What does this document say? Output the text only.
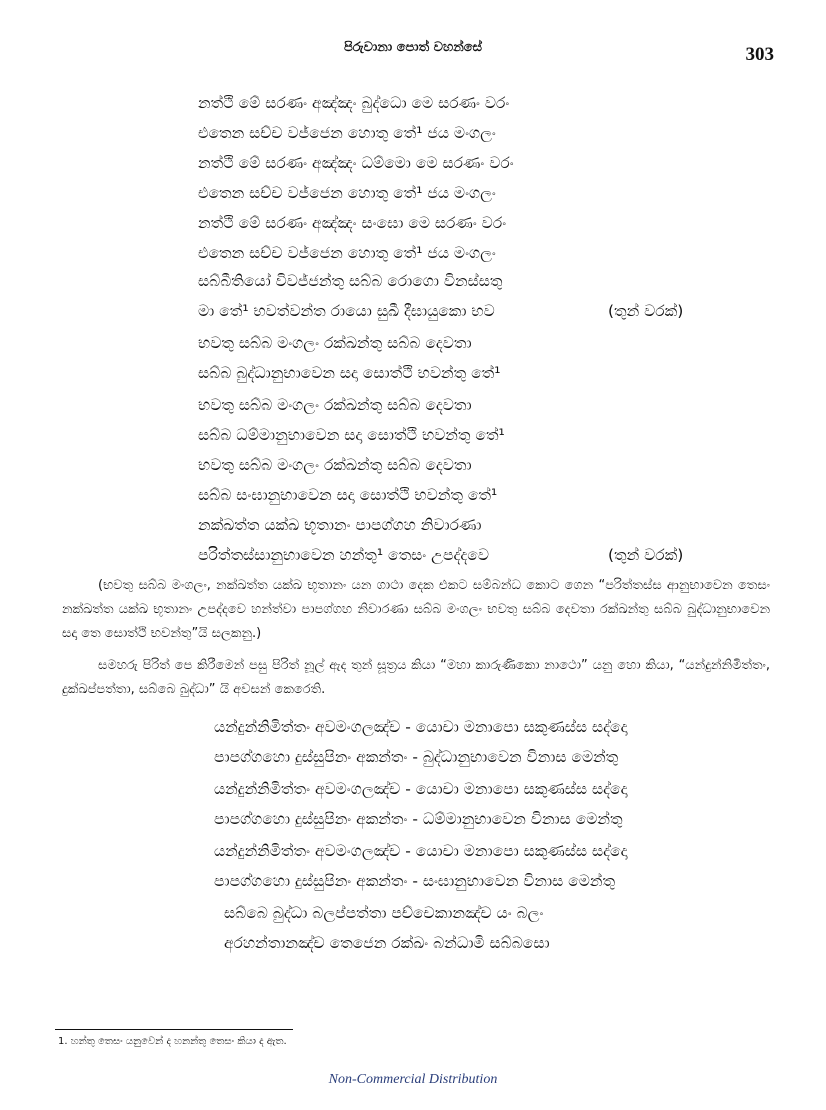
පිරුවානා පොත් වහන්සේ	303
නත්ථි මේ සරණං අඤ්ඤං බුද්ධො මෙ සරණං වරං
එතෙන සච්ච වජ්ජෙන හොතු තේ¹ ජය මංගලං
නත්ථි මේ සරණං අඤ්ඤං ධම්මො මෙ සරණං වරං
එතෙන සච්ච වජ්ජෙන හොතු තේ¹ ජය මංගලං
නත්ථි මේ සරණං අඤ්ඤං සංඝො මෙ සරණං වරං
එතෙන සච්ච වජ්ජෙන හොතු තේ¹ ජය මංගලං
සබ්බීතියෝ විවජ්ජන්තු සබ්බ රොගො විනස්සතු
මා තේ¹ භවත්වන්ත රායො සුඛී දීඝායුකො භව	(තුන් වරක්)
භවතු සබ්බ මංගලං රක්ඛන්තු සබ්බ දෙවතා
සබ්බ බුද්ධානුභාවෙන සදා සොත්ථි භවන්තු තේ¹
භවතු සබ්බ මංගලං රක්ඛන්තු සබ්බ දෙවතා
සබ්බ ධම්මානුභාවෙන සදා සොත්ථි භවන්තු තේ¹
භවතු සබ්බ මංගලං රක්ඛන්තු සබ්බ දෙවතා
සබ්බ සංඝානුභාවෙන සදා සොත්ථි භවන්තු තේ¹
නක්ඛත්ත යක්ඛ භූතානං පාපග්ගහ නිවාරණා
පරිත්තස්සානුභාවෙන හන්තු¹ තෙසං උපද්දවෙ	(තුන් වරක්)

(භවතු සබ්බ මංගලං, නක්ඛත්ත යක්ඛ භූතානං යන ගාථා දෙක එකට සම්බන්ධ කොට ගෙන “පරිත්තස්ස ආනුභාවෙන තෙසං නක්ඛත්ත යක්ඛ භූතානං උපද්දවෙ හන්ත්වා පාපග්ගහ නිවාරණා සබ්බ මංගලං භවතු සබ්බ දෙවතා රක්ඛන්තු සබ්බ බුද්ධානුභාවෙන සදා තෙ සොත්ථි භවන්තු”යි සලකනු.)

සමහරු පිරිත් පෙ කිරීමෙන් පසු පිරිත් නූල් ඇද තුන් සූත්‍රය කියා “මහා කාරුණිකො නාථො” යනු හො කියා, “යන්දුන්නිමිත්තං, දුක්ඛප්පත්තා, සබ්බෙ බුද්ධා” යි අවසන් කෙරෙති.

යන්දුන්නිමිත්තං අවමංගලඤ්ච - යොචා මනාපො සකුණස්ස සද්දො
පාපග්ගහො දුස්සුපිනං අකන්තං - බුද්ධානුභාවෙන විනාස මෙන්තු
යන්දුන්නිමිත්තං අවමංගලඤ්ච - යොචා මනාපො සකුණස්ස සද්දො
පාපග්ගහො දුස්සුපිනං අකන්තං - ධම්මානුභාවෙන විනාස මෙන්තු
යන්දුන්නිමිත්තං අවමංගලඤ්ච - යොචා මනාපො සකුණස්ස සද්දො
පාපග්ගහො දුස්සුපිනං අකන්තං - සංඝානුභාවෙන විනාස මෙන්තු
සබ්බෙ බුද්ධා බලප්පත්තා පච්චෙකානඤ්ච යං බලං
අරහන්තානඤ්ච තෙජෙන රක්ඛං බන්ධාමි සබ්බසො
1. හන්තු තෙසං යනුවෙන් ද හනන්තු තෙසං කියා ද ඇත.
Non-Commercial Distribution
